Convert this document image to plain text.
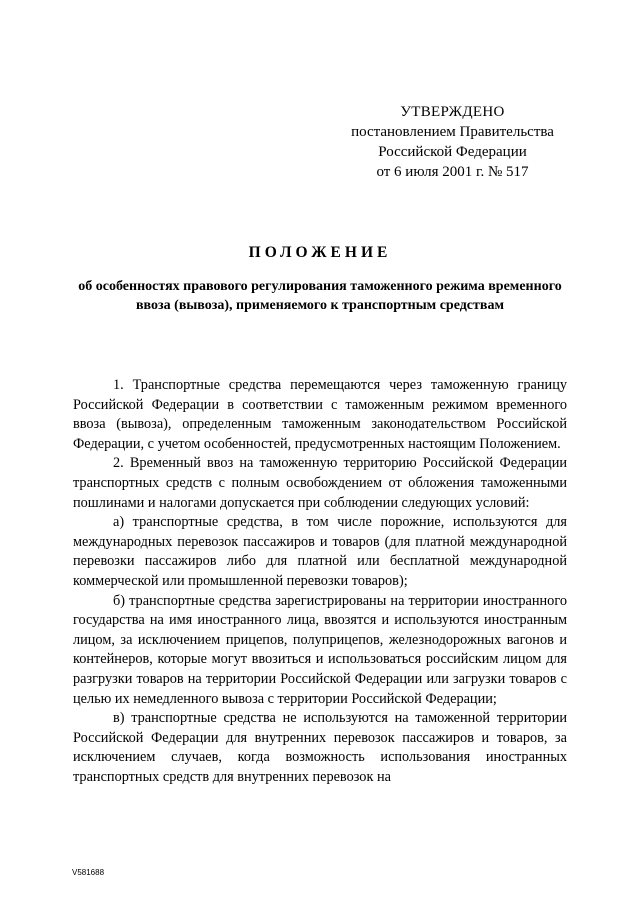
УТВЕРЖДЕНО
постановлением Правительства
Российской Федерации
от 6 июля 2001 г. № 517
ПОЛОЖЕНИЕ
об особенностях правового регулирования таможенного режима временного ввоза (вывоза), применяемого к транспортным средствам

1. Транспортные средства перемещаются через таможенную границу Российской Федерации в соответствии с таможенным режимом временного ввоза (вывоза), определенным таможенным законодательством Российской Федерации, с учетом особенностей, предусмотренных настоящим Положением.

2. Временный ввоз на таможенную территорию Российской Федерации транспортных средств с полным освобождением от обложения таможенными пошлинами и налогами допускается при соблюдении следующих условий:

а) транспортные средства, в том числе порожние, используются для международных перевозок пассажиров и товаров (для платной международной перевозки пассажиров либо для платной или бесплатной международной коммерческой или промышленной перевозки товаров);

б) транспортные средства зарегистрированы на территории иностранного государства на имя иностранного лица, ввозятся и используются иностранным лицом, за исключением прицепов, полуприцепов, железнодорожных вагонов и контейнеров, которые могут ввозиться и использоваться российским лицом для разгрузки товаров на территории Российской Федерации или загрузки товаров с целью их немедленного вывоза с территории Российской Федерации;

в) транспортные средства не используются на таможенной территории Российской Федерации для внутренних перевозок пассажиров и товаров, за исключением случаев, когда возможность использования иностранных транспортных средств для внутренних перевозок на

V581688
